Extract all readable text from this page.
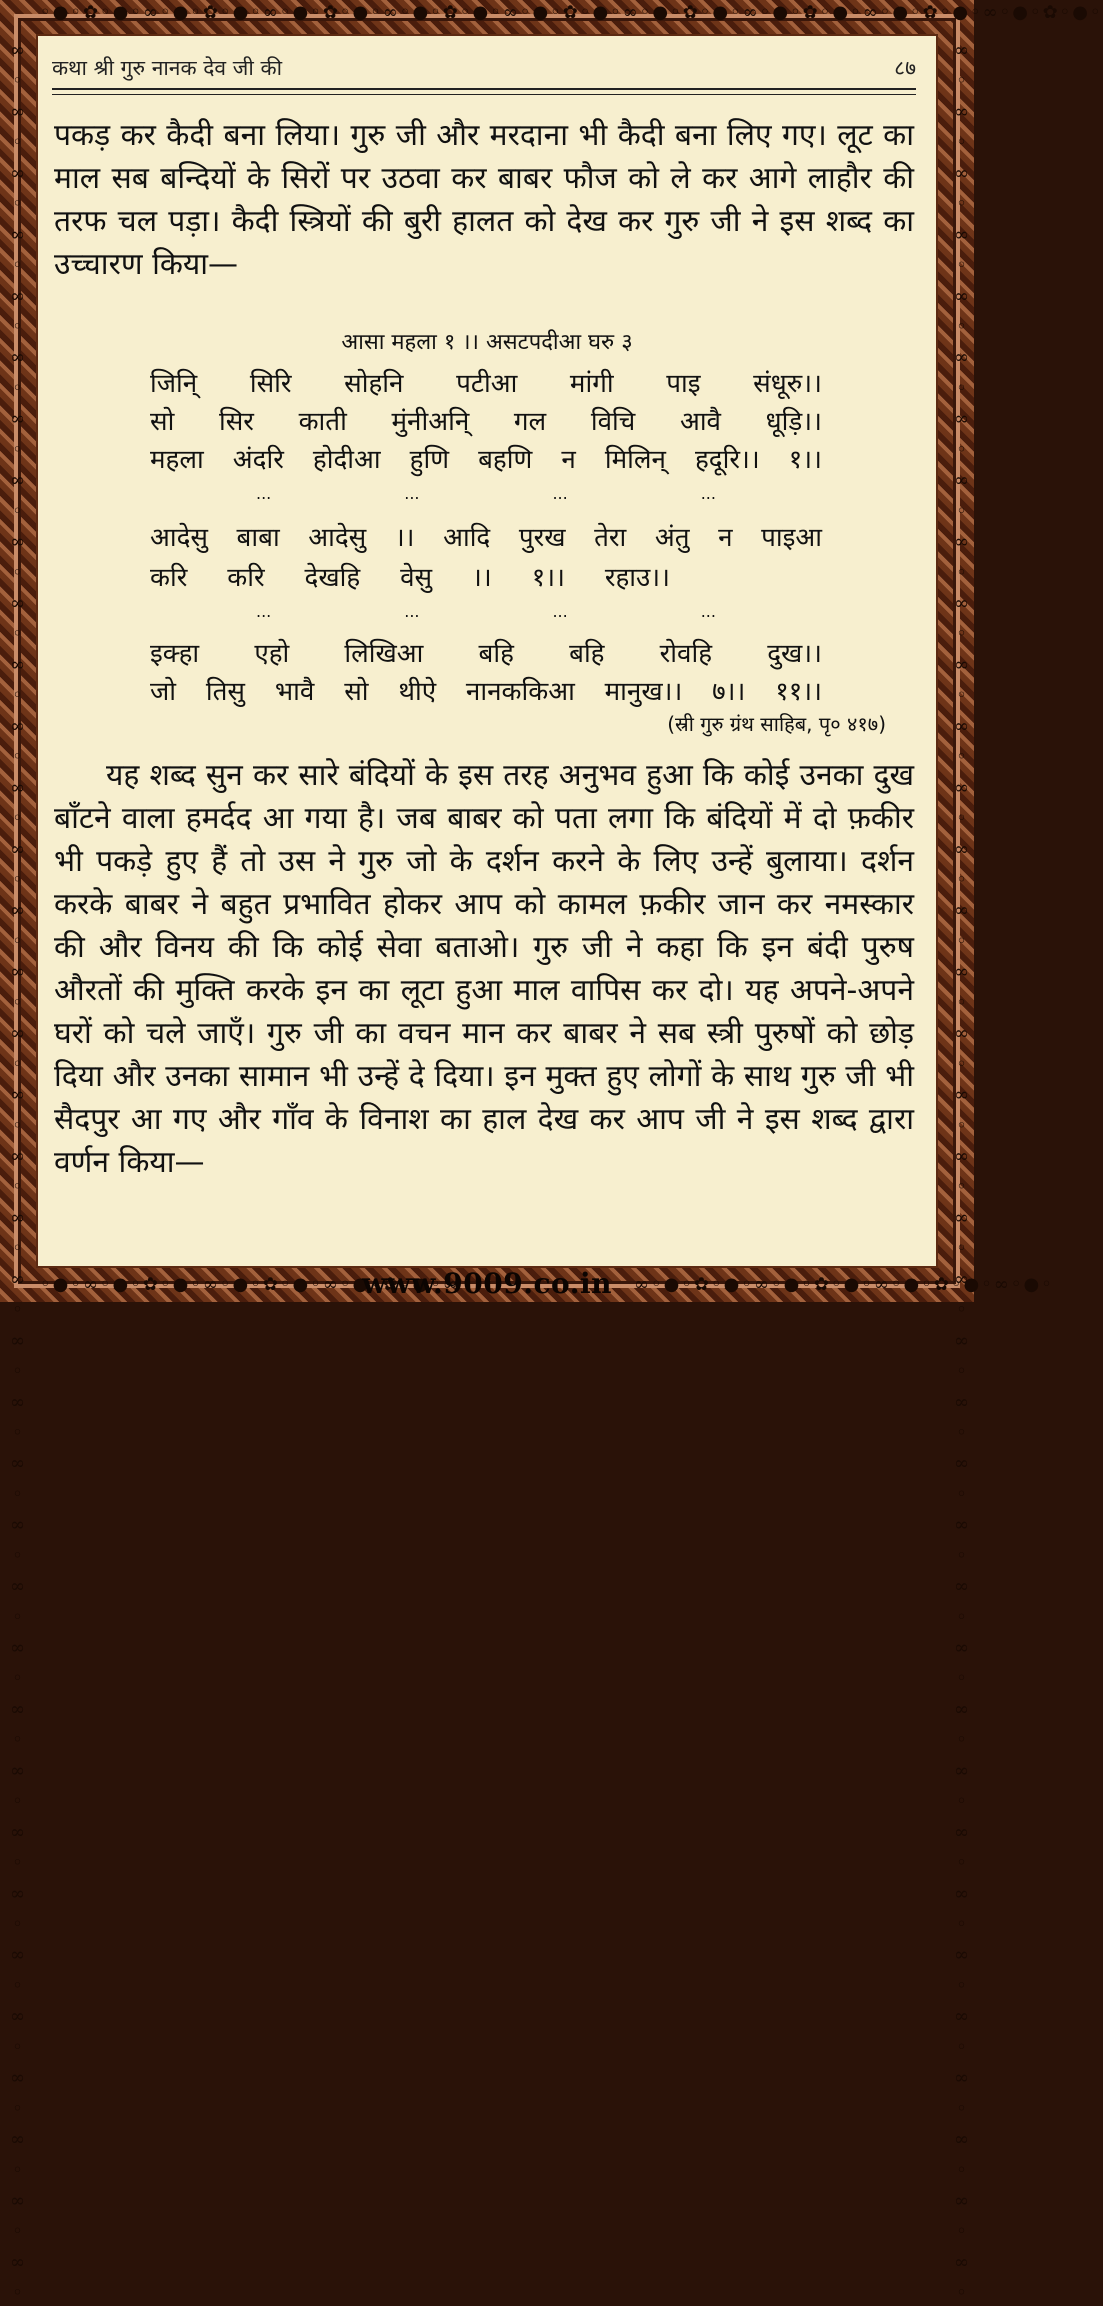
◦●◦✿◦●◦∞◦●◦✿◦●◦∞◦●◦✿◦●◦∞◦●◦✿◦●◦∞◦●◦✿◦●◦∞◦●◦✿◦●◦∞◦●◦✿◦●◦∞◦●◦✿◦●◦∞◦●◦✿◦●◦
◦●◦∞◦●◦✿◦●◦∞◦●◦✿◦●◦∞◦●◦✿◦●◦∞	∞◦●◦✿◦●◦∞◦●◦✿◦●◦∞◦●◦✿◦●◦∞◦●◦
∞ ◦ ∞ ◦ ∞ ◦ ∞ ◦ ∞ ◦ ∞ ◦ ∞ ◦ ∞ ◦ ∞ ◦ ∞ ◦ ∞ ◦ ∞ ◦ ∞ ◦ ∞ ◦ ∞ ◦ ∞ ◦ ∞ ◦ ∞ ◦ ∞ ◦ ∞ ◦ ∞ ◦ ∞ ◦ ∞ ◦ ∞ ◦ ∞ ◦ ∞ ◦ ∞ ◦ ∞ ◦ ∞ ◦ ∞ ◦ ∞ ◦ ∞ ◦ ∞ ◦ ∞ ◦ ∞ ◦ ∞ ◦ ∞ ◦	∞ ◦ ∞ ◦ ∞ ◦ ∞ ◦ ∞ ◦ ∞ ◦ ∞ ◦ ∞ ◦ ∞ ◦ ∞ ◦ ∞ ◦ ∞ ◦ ∞ ◦ ∞ ◦ ∞ ◦ ∞ ◦ ∞ ◦ ∞ ◦ ∞ ◦ ∞ ◦ ∞ ◦ ∞ ◦ ∞ ◦ ∞ ◦ ∞ ◦ ∞ ◦ ∞ ◦ ∞ ◦ ∞ ◦ ∞ ◦ ∞ ◦ ∞ ◦ ∞ ◦ ∞ ◦ ∞ ◦ ∞ ◦ ∞ ◦
www.9009.co.in
कथा श्री गुरु नानक देव जी की	८७
पकड़ कर कैदी बना लिया। गुरु जी और मरदाना भी कैदी बना लिए गए। लूट का माल सब बन्दियों के सिरों पर उठवा कर बाबर फौज को ले कर आगे लाहौर की तरफ चल पड़ा। कैदी स्त्रियों की बुरी हालत को देख कर गुरु जी ने इस शब्द का उच्चारण किया—
आसा महला १ ।। असटपदीआ घरु ३
जिनि् सिरि सोहनि पटीआ मांगी पाइ संधूरु।।
सो सिर काती मुंनीअनि् गल विचि आवै धूड़ि।।
महला अंदरि होदीआ हुणि बहणि न मिलिन् हदूरि।। १।।
...	...	...	...
आदेसु बाबा आदेसु ।। आदि पुरख तेरा अंतु न पाइआ
करि करि देखहि वेसु ।। १।। रहाउ।।
...	...	...	...
इक्हा एहो लिखिआ बहि बहि रोवहि दुख।।
जो तिसु भावै सो थीऐ नानककिआ मानुख।। ७।। ११।।
(स्री गुरु ग्रंथ साहिब, पृ० ४१७)
यह शब्द सुन कर सारे बंदियों के इस तरह अनुभव हुआ कि कोई उनका दुख बाँटने वाला हमर्दद आ गया है। जब बाबर को पता लगा कि बंदियों में दो फ़कीर भी पकड़े हुए हैं तो उस ने गुरु जो के दर्शन करने के लिए उन्हें बुलाया। दर्शन करके बाबर ने बहुत प्रभावित होकर आप को कामल फ़कीर जान कर नमस्कार की और विनय की कि कोई सेवा बताओ। गुरु जी ने कहा कि इन बंदी पुरुष औरतों की मुक्ति करके इन का लूटा हुआ माल वापिस कर दो। यह अपने-अपने घरों को चले जाएँ। गुरु जी का वचन मान कर बाबर ने सब स्त्री पुरुषों को छोड़ दिया और उनका सामान भी उन्हें दे दिया। इन मुक्त हुए लोगों के साथ गुरु जी भी सैदपुर आ गए और गाँव के विनाश का हाल देख कर आप जी ने इस शब्द द्वारा वर्णन किया—
